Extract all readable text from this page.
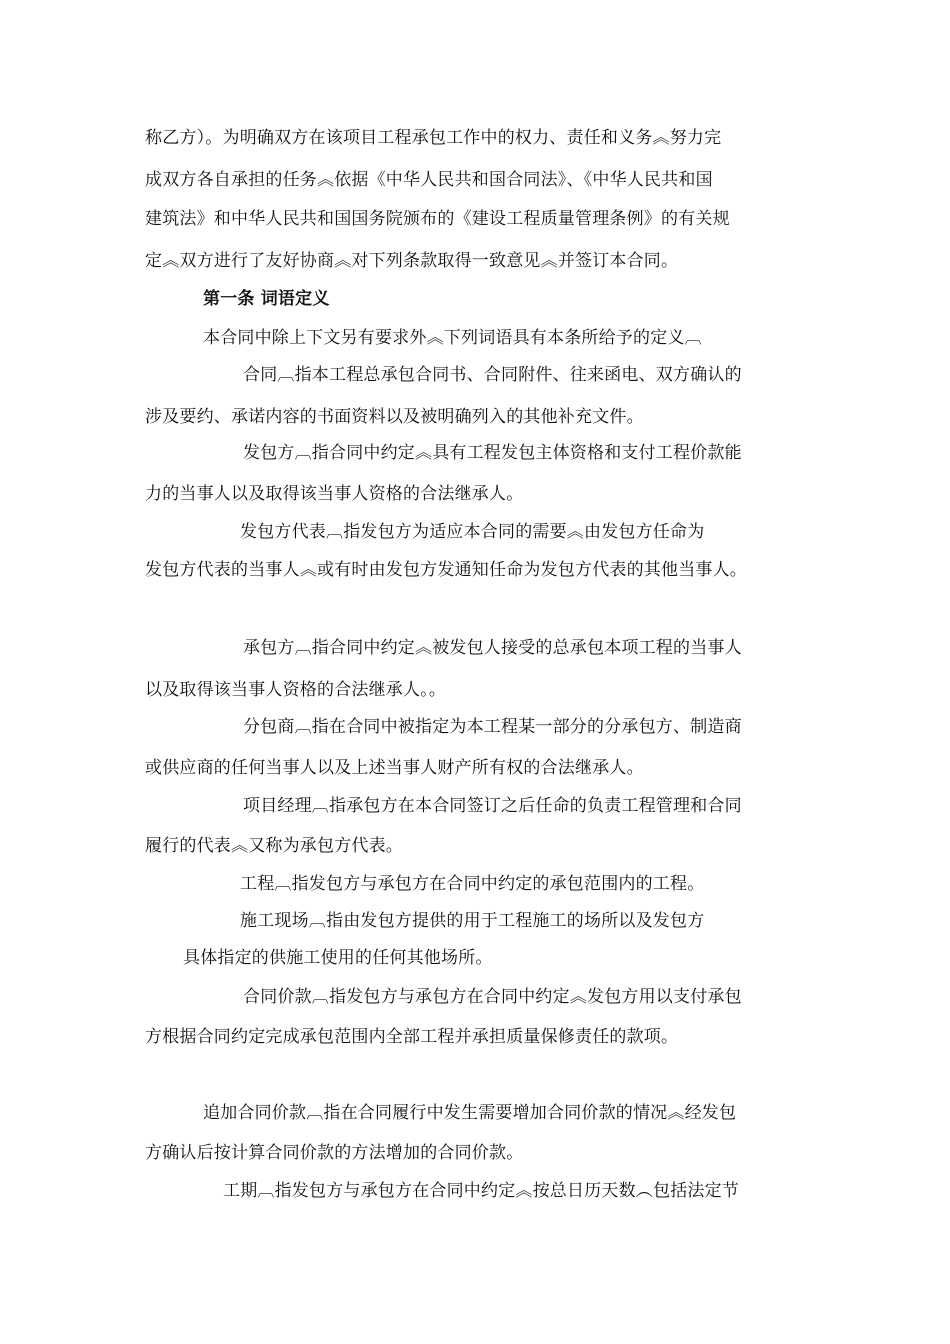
称乙方）。为明确双方在该项目工程承包工作中的权力、责任和义务︽努力完
成双方各自承担的任务︽依据《中华人民共和国合同法》、《中华人民共和国
建筑法》和中华人民共和国国务院颁布的《建设工程质量管理条例》的有关规
定︽双方进行了友好协商︽对下列条款取得一致意见︽并签订本合同。
第一条 词语定义
本合同中除上下文另有要求外︽下列词语具有本条所给予的定义︹
合同︹指本工程总承包合同书、合同附件、往来函电、双方确认的
涉及要约、承诺内容的书面资料以及被明确列入的其他补充文件。
发包方︹指合同中约定︽具有工程发包主体资格和支付工程价款能
力的当事人以及取得该当事人资格的合法继承人。
发包方代表︹指发包方为适应本合同的需要︽由发包方任命为
发包方代表的当事人︽或有时由发包方发通知任命为发包方代表的其他当事人。
承包方︹指合同中约定︽被发包人接受的总承包本项工程的当事人
以及取得该当事人资格的合法继承人。。
分包商︹指在合同中被指定为本工程某一部分的分承包方、制造商
或供应商的任何当事人以及上述当事人财产所有权的合法继承人。
项目经理︹指承包方在本合同签订之后任命的负责工程管理和合同
履行的代表︽又称为承包方代表。
工程︹指发包方与承包方在合同中约定的承包范围内的工程。
施工现场︹指由发包方提供的用于工程施工的场所以及发包方
具体指定的供施工使用的任何其他场所。
合同价款︹指发包方与承包方在合同中约定︽发包方用以支付承包
方根据合同约定完成承包范围内全部工程并承担质量保修责任的款项。
追加合同价款︹指在合同履行中发生需要增加合同价款的情况︽经发包
方确认后按计算合同价款的方法增加的合同价款。
工期︹指发包方与承包方在合同中约定︽按总日历天数︵包括法定节
